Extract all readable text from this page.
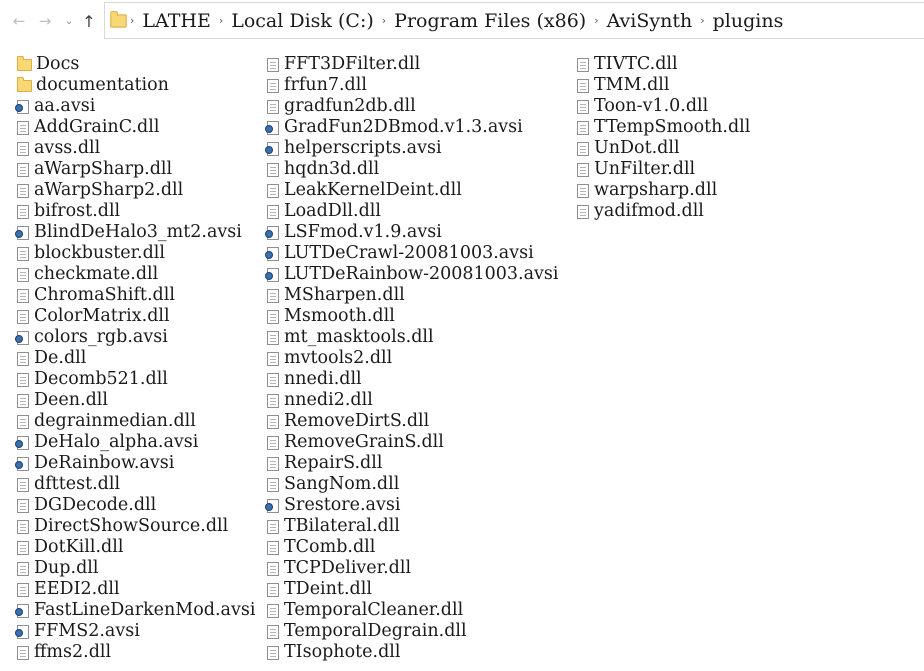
← → ⌄ ↑	› LATHE › Local Disk (C:) › Program Files (x86) › AviSynth › plugins
Docs
documentation
aa.avsi
AddGrainC.dll
avss.dll
aWarpSharp.dll
aWarpSharp2.dll
bifrost.dll
BlindDeHalo3_mt2.avsi
blockbuster.dll
checkmate.dll
ChromaShift.dll
ColorMatrix.dll
colors_rgb.avsi
De.dll
Decomb521.dll
Deen.dll
degrainmedian.dll
DeHalo_alpha.avsi
DeRainbow.avsi
dfttest.dll
DGDecode.dll
DirectShowSource.dll
DotKill.dll
Dup.dll
EEDI2.dll
FastLineDarkenMod.avsi
FFMS2.avsi
ffms2.dll
FFT3DFilter.dll
frfun7.dll
gradfun2db.dll
GradFun2DBmod.v1.3.avsi
helperscripts.avsi
hqdn3d.dll
LeakKernelDeint.dll
LoadDll.dll
LSFmod.v1.9.avsi
LUTDeCrawl-20081003.avsi
LUTDeRainbow-20081003.avsi
MSharpen.dll
Msmooth.dll
mt_masktools.dll
mvtools2.dll
nnedi.dll
nnedi2.dll
RemoveDirtS.dll
RemoveGrainS.dll
RepairS.dll
SangNom.dll
Srestore.avsi
TBilateral.dll
TComb.dll
TCPDeliver.dll
TDeint.dll
TemporalCleaner.dll
TemporalDegrain.dll
TIsophote.dll
TIVTC.dll
TMM.dll
Toon-v1.0.dll
TTempSmooth.dll
UnDot.dll
UnFilter.dll
warpsharp.dll
yadifmod.dll
